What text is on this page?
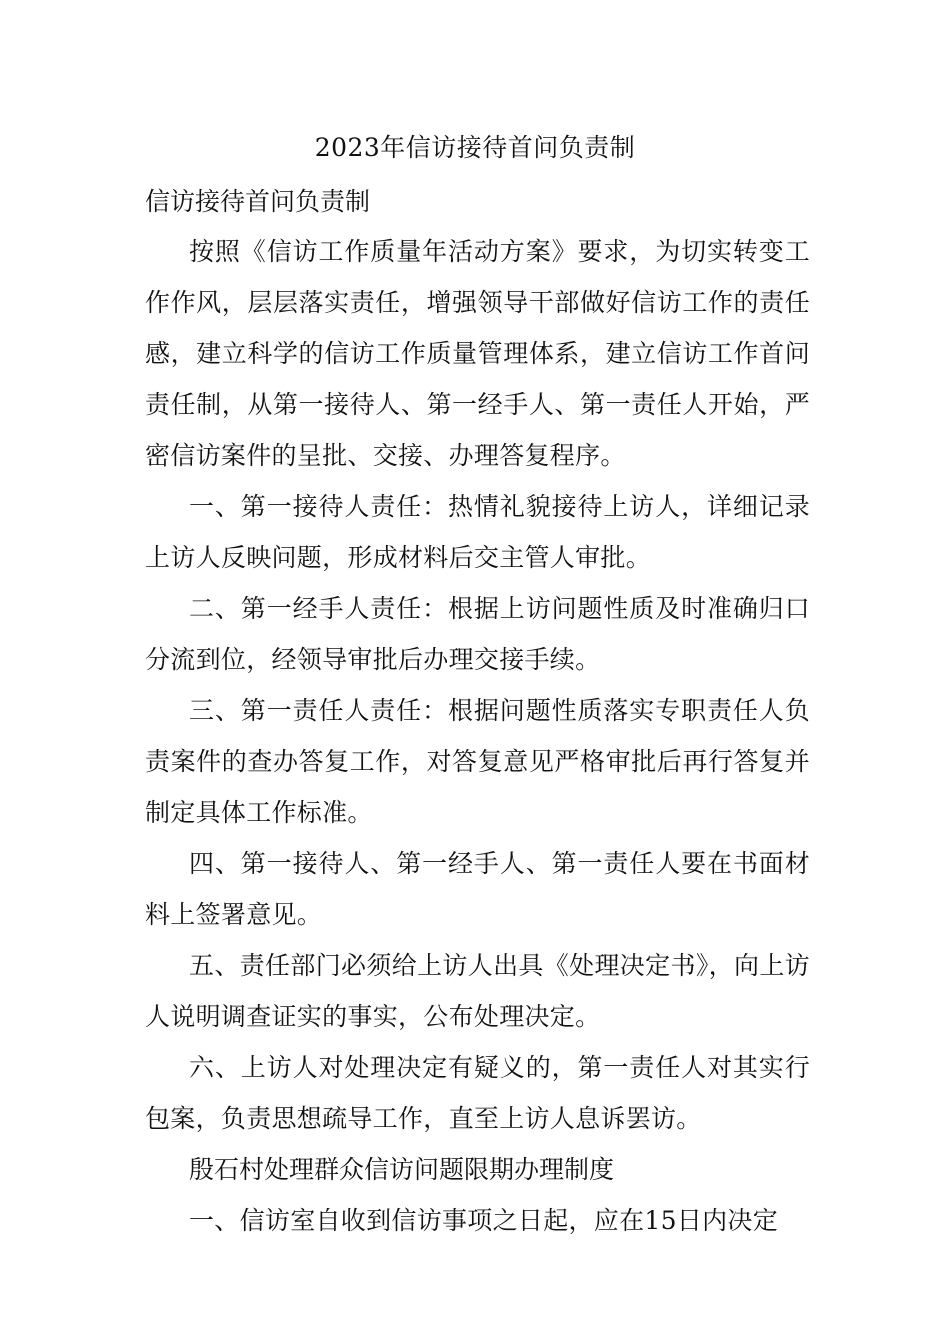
2023年信访接待首问负责制

信访接待首问负责制

按照《信访工作质量年活动方案》要求，为切实转变工作作风，层层落实责任，增强领导干部做好信访工作的责任感，建立科学的信访工作质量管理体系，建立信访工作首问责任制，从第一接待人、第一经手人、第一责任人开始，严密信访案件的呈批、交接、办理答复程序。

一、第一接待人责任：热情礼貌接待上访人，详细记录上访人反映问题，形成材料后交主管人审批。

二、第一经手人责任：根据上访问题性质及时准确归口分流到位，经领导审批后办理交接手续。

三、第一责任人责任：根据问题性质落实专职责任人负责案件的查办答复工作，对答复意见严格审批后再行答复并制定具体工作标准。

四、第一接待人、第一经手人、第一责任人要在书面材料上签署意见。

五、责任部门必须给上访人出具《处理决定书》，向上访人说明调查证实的事实，公布处理决定。

六、上访人对处理决定有疑义的，第一责任人对其实行包案，负责思想疏导工作，直至上访人息诉罢访。

殷石村处理群众信访问题限期办理制度

一、信访室自收到信访事项之日起，应在15日内决定
